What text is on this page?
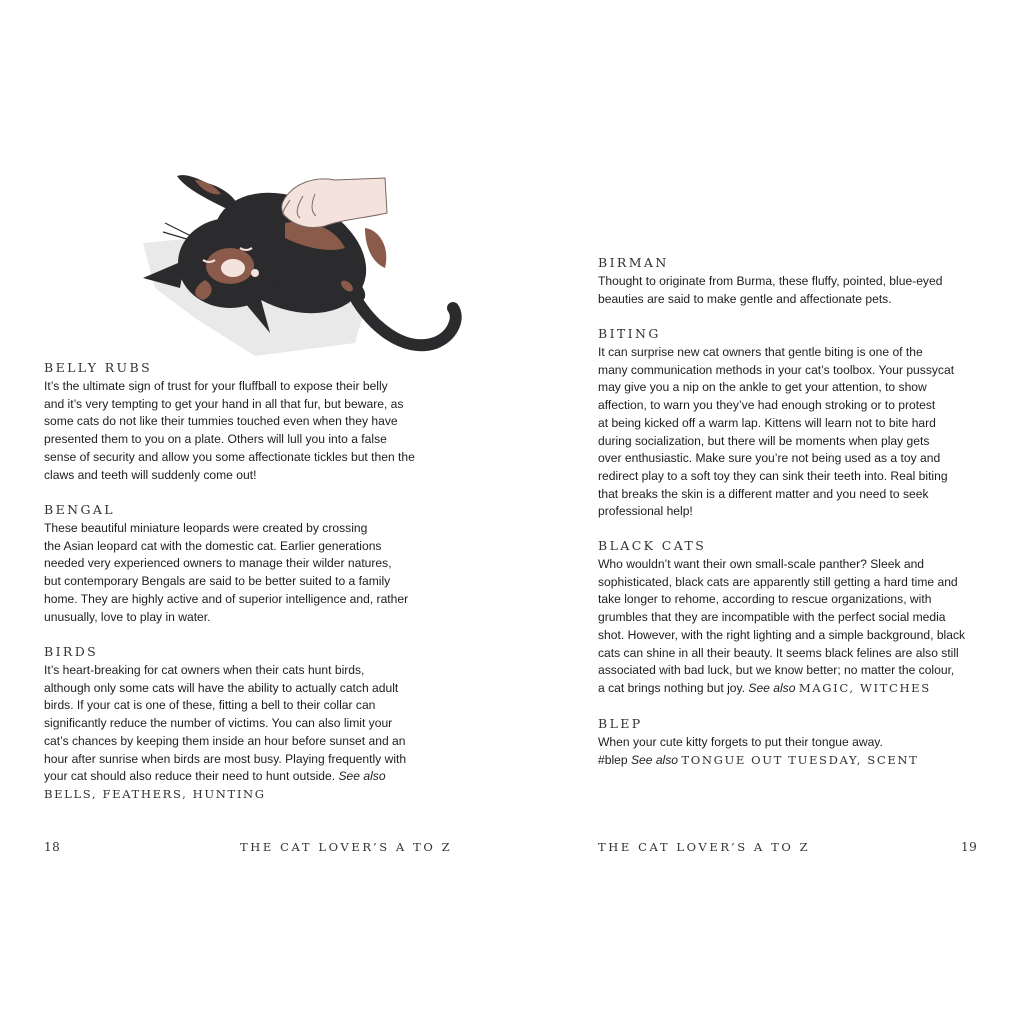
BELLY RUBS

It’s the ultimate sign of trust for your fluffball to expose their belly
and it’s very tempting to get your hand in all that fur, but beware, as
some cats do not like their tummies touched even when they have
presented them to you on a plate. Others will lull you into a false
sense of security and allow you some affectionate tickles but then the
claws and teeth will suddenly come out!

BENGAL

These beautiful miniature leopards were created by crossing
the Asian leopard cat with the domestic cat. Earlier generations
needed very experienced owners to manage their wilder natures,
but contemporary Bengals are said to be better suited to a family
home. They are highly active and of superior intelligence and, rather
unusually, love to play in water.

BIRDS

It’s heart-breaking for cat owners when their cats hunt birds,
although only some cats will have the ability to actually catch adult
birds. If your cat is one of these, fitting a bell to their collar can
significantly reduce the number of victims. You can also limit your
cat’s chances by keeping them inside an hour before sunset and an
hour after sunrise when birds are most busy. Playing frequently with
your cat should also reduce their need to hunt outside. See also
BELLS, FEATHERS, HUNTING

18	THE CAT LOVER’S A TO Z
BIRMAN

Thought to originate from Burma, these fluffy, pointed, blue-eyed
beauties are said to make gentle and affectionate pets.

BITING

It can surprise new cat owners that gentle biting is one of the
many communication methods in your cat’s toolbox. Your pussycat
may give you a nip on the ankle to get your attention, to show
affection, to warn you they’ve had enough stroking or to protest
at being kicked off a warm lap. Kittens will learn not to bite hard
during socialization, but there will be moments when play gets
over enthusiastic. Make sure you’re not being used as a toy and
redirect play to a soft toy they can sink their teeth into. Real biting
that breaks the skin is a different matter and you need to seek
professional help!

BLACK CATS

Who wouldn’t want their own small-scale panther? Sleek and
sophisticated, black cats are apparently still getting a hard time and
take longer to rehome, according to rescue organizations, with
grumbles that they are incompatible with the perfect social media
shot. However, with the right lighting and a simple background, black
cats can shine in all their beauty. It seems black felines are also still
associated with bad luck, but we know better; no matter the colour,
a cat brings nothing but joy. See also MAGIC, WITCHES

BLEP

When your cute kitty forgets to put their tongue away.
#blep See also TONGUE OUT TUESDAY, SCENT

THE CAT LOVER’S A TO Z	19
